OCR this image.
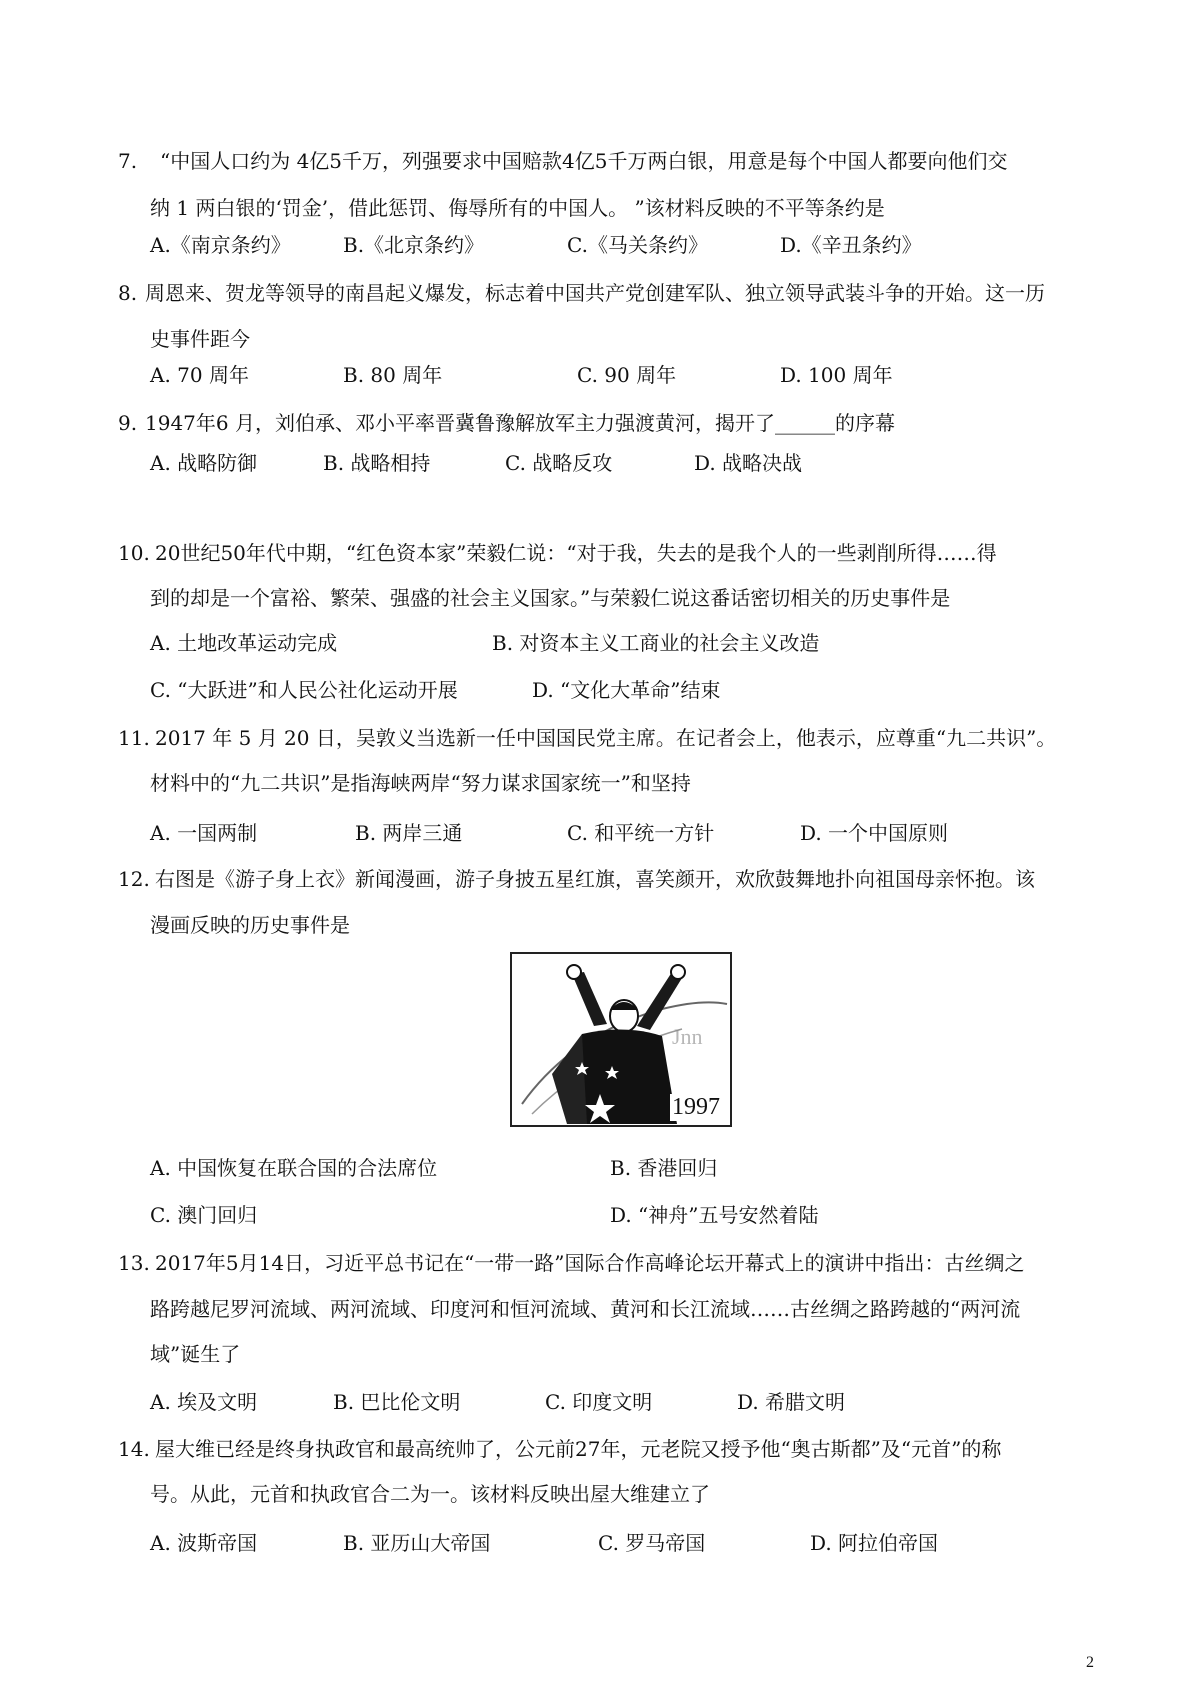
7. “中国人口约为 4亿5千万，列强要求中国赔款4亿5千万两白银，用意是每个中国人都要向他们交
纳 1 两白银的‘罚金’，借此惩罚、侮辱所有的中国人。 ”该材料反映的不平等条约是
A.《南京条约》	B.《北京条约》	C.《马关条约》	D.《辛丑条约》
8. 周恩来、贺龙等领导的南昌起义爆发，标志着中国共产党创建军队、独立领导武装斗争的开始。这一历
史事件距今
A. 70 周年	B. 80 周年	C. 90 周年	D. 100 周年
9. 1947年6 月，刘伯承、邓小平率晋冀鲁豫解放军主力强渡黄河，揭开了______的序幕
A. 战略防御	B. 战略相持	C. 战略反攻	D. 战略决战
10. 20世纪50年代中期，“红色资本家”荣毅仁说：“对于我，失去的是我个人的一些剥削所得……得
到的却是一个富裕、繁荣、强盛的社会主义国家。”与荣毅仁说这番话密切相关的历史事件是
A. 土地改革运动完成	B. 对资本主义工商业的社会主义改造
C. “大跃进”和人民公社化运动开展	D. “文化大革命”结束
11. 2017 年 5 月 20 日，吴敦义当选新一任中国国民党主席。在记者会上，他表示，应尊重“九二共识”。
材料中的“九二共识”是指海峡两岸“努力谋求国家统一”和坚持
A. 一国两制	B. 两岸三通	C. 和平统一方针	D. 一个中国原则
12. 右图是《游子身上衣》新闻漫画，游子身披五星红旗，喜笑颜开，欢欣鼓舞地扑向祖国母亲怀抱。该
漫画反映的历史事件是
Jnn
1997
A. 中国恢复在联合国的合法席位	B. 香港回归
C. 澳门回归	D. “神舟”五号安然着陆
13. 2017年5月14日，习近平总书记在“一带一路”国际合作高峰论坛开幕式上的演讲中指出：古丝绸之
路跨越尼罗河流域、两河流域、印度河和恒河流域、黄河和长江流域……古丝绸之路跨越的“两河流
域”诞生了
A. 埃及文明	B. 巴比伦文明	C. 印度文明	D. 希腊文明
14. 屋大维已经是终身执政官和最高统帅了，公元前27年，元老院又授予他“奥古斯都”及“元首”的称
号。从此，元首和执政官合二为一。该材料反映出屋大维建立了
A. 波斯帝国	B. 亚历山大帝国	C. 罗马帝国	D. 阿拉伯帝国
2
